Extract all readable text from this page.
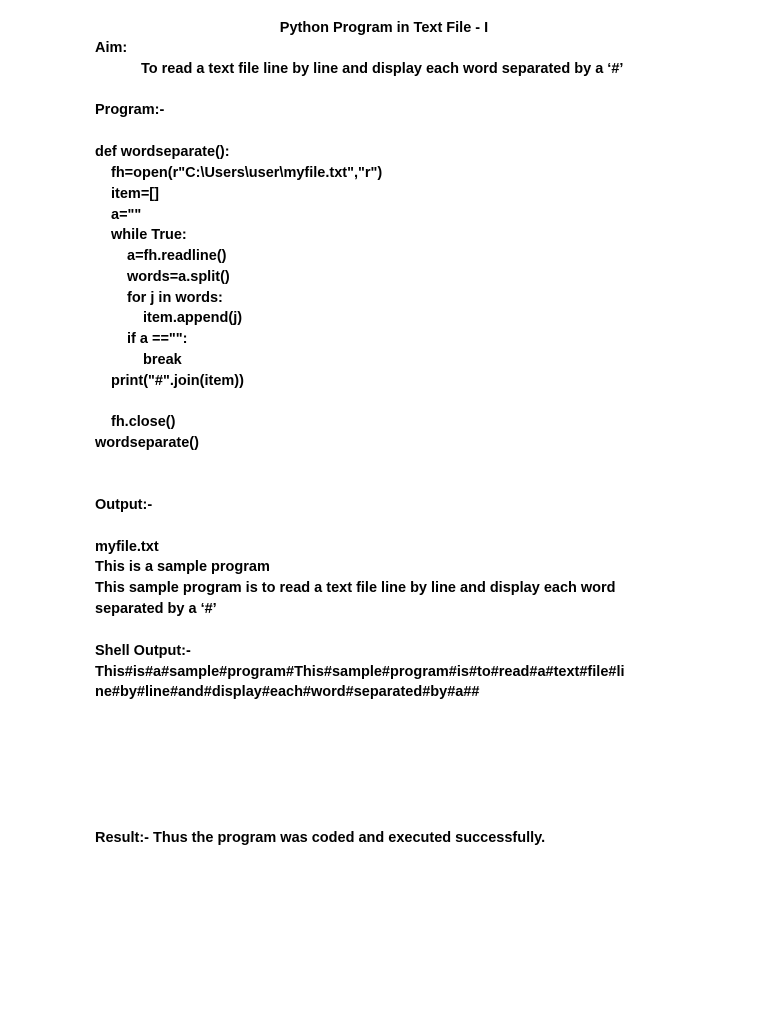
Python Program in Text File - I
Aim:
To read a text file line by line and display each word separated by a ‘#’
Program:-
def wordseparate():
fh=open(r"C:\Users\user\myfile.txt","r")
item=[]
a=""
while True:
a=fh.readline()
words=a.split()
for j in words:
item.append(j)
if a =="":
break
print("#".join(item))
fh.close()
wordseparate()
Output:-
myfile.txt
This is a sample program
This sample program is to read a text file line by line and display each word
separated by a ‘#’
Shell Output:-
This#is#a#sample#program#This#sample#program#is#to#read#a#text#file#li
ne#by#line#and#display#each#word#separated#by#a##
Result:- Thus the program was coded and executed successfully.
